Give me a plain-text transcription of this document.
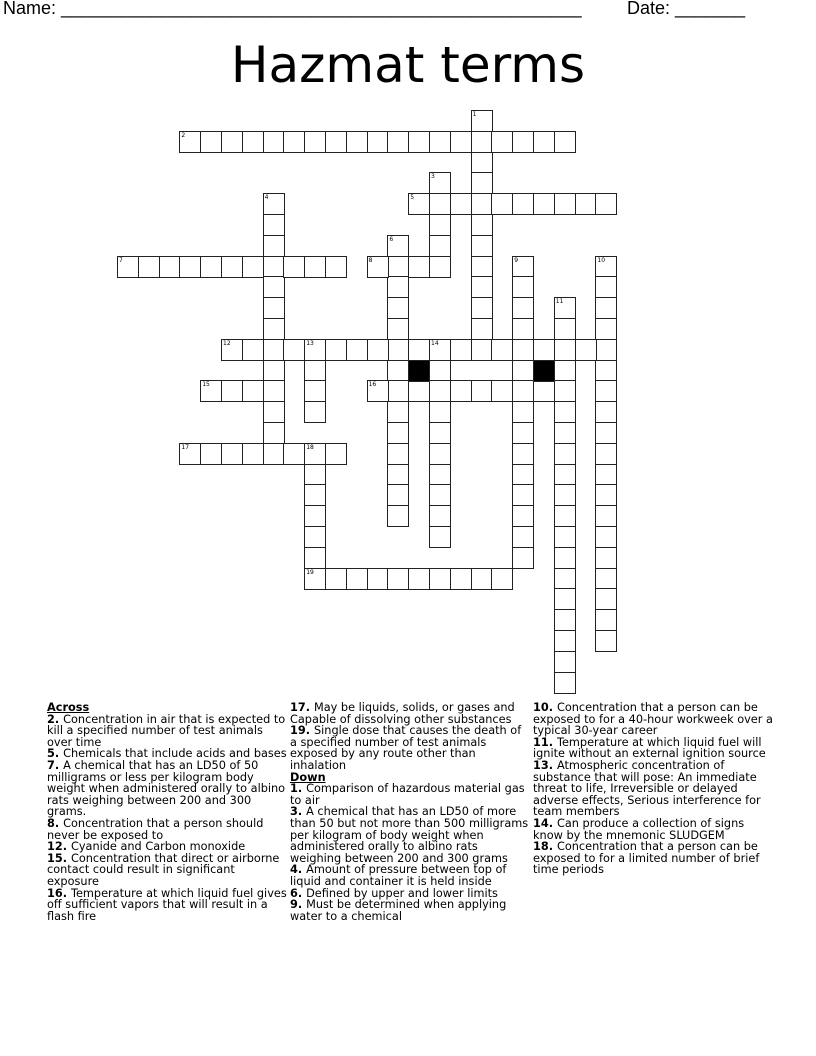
Name: ____________________________________________________	Date: _______
Hazmat terms
1
2
3
4	5
6
7	8	9	10
11
12	13	14
15	16
17	18
19
Across
2 . Concentration in air that is expected to kill a specified number of test animals over time
5 . Chemicals that include acids and bases
7 . A chemical that has an LD50 of 50 milligrams or less per kilogram body weight when administered orally to albino rats weighing between 200 and 300 grams.
8 . Concentration that a person should never be exposed to
12 . Cyanide and Carbon monoxide
15 . Concentration that direct or airborne contact could result in significant exposure
16 . Temperature at which liquid fuel gives off sufficient vapors that will result in a flash fire
17 . May be liquids, solids, or gases and Capable of dissolving other substances
19 . Single dose that causes the death of a specified number of test animals exposed by any route other than inhalation
Down
1 . Comparison of hazardous material gas to air
3 . A chemical that has an LD50 of more than 50 but not more than 500 milligrams per kilogram of body weight when administered orally to albino rats weighing between 200 and 300 grams
4 . Amount of pressure between top of liquid and container it is held inside
6 . Defined by upper and lower limits
9 . Must be determined when applying water to a chemical
10 . Concentration that a person can be exposed to for a 40-hour workweek over a typical 30-year career
11 . Temperature at which liquid fuel will ignite without an external ignition source
13 . Atmospheric concentration of substance that will pose: An immediate threat to life, Irreversible or delayed adverse effects, Serious interference for team members
14 . Can produce a collection of signs know by the mnemonic SLUDGEM
18 . Concentration that a person can be exposed to for a limited number of brief time periods
